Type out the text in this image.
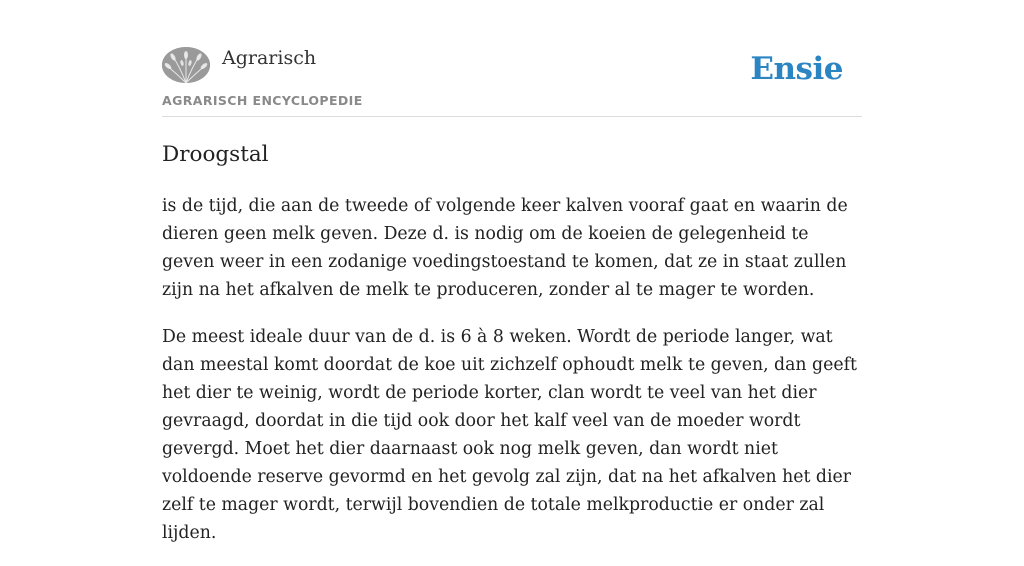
Agrarisch
AGRARISCH ENCYCLOPEDIE
Ensie
Droogstal

is de tijd, die aan de tweede of volgende keer kalven vooraf gaat en waarin de dieren geen melk geven. Deze d. is nodig om de koeien de gelegenheid te geven weer in een zodanige voedingstoestand te komen, dat ze in staat zullen zijn na het afkalven de melk te produceren, zonder al te mager te worden.

De meest ideale duur van de d. is 6 à 8 weken. Wordt de periode langer, wat dan meestal komt doordat de koe uit zichzelf ophoudt melk te geven, dan geeft het dier te weinig, wordt de periode korter, clan wordt te veel van het dier gevraagd, doordat in die tijd ook door het kalf veel van de moeder wordt gevergd. Moet het dier daarnaast ook nog melk geven, dan wordt niet voldoende reserve gevormd en het gevolg zal zijn, dat na het afkalven het dier zelf te mager wordt, terwijl bovendien de totale melkproductie er onder zal lijden.
